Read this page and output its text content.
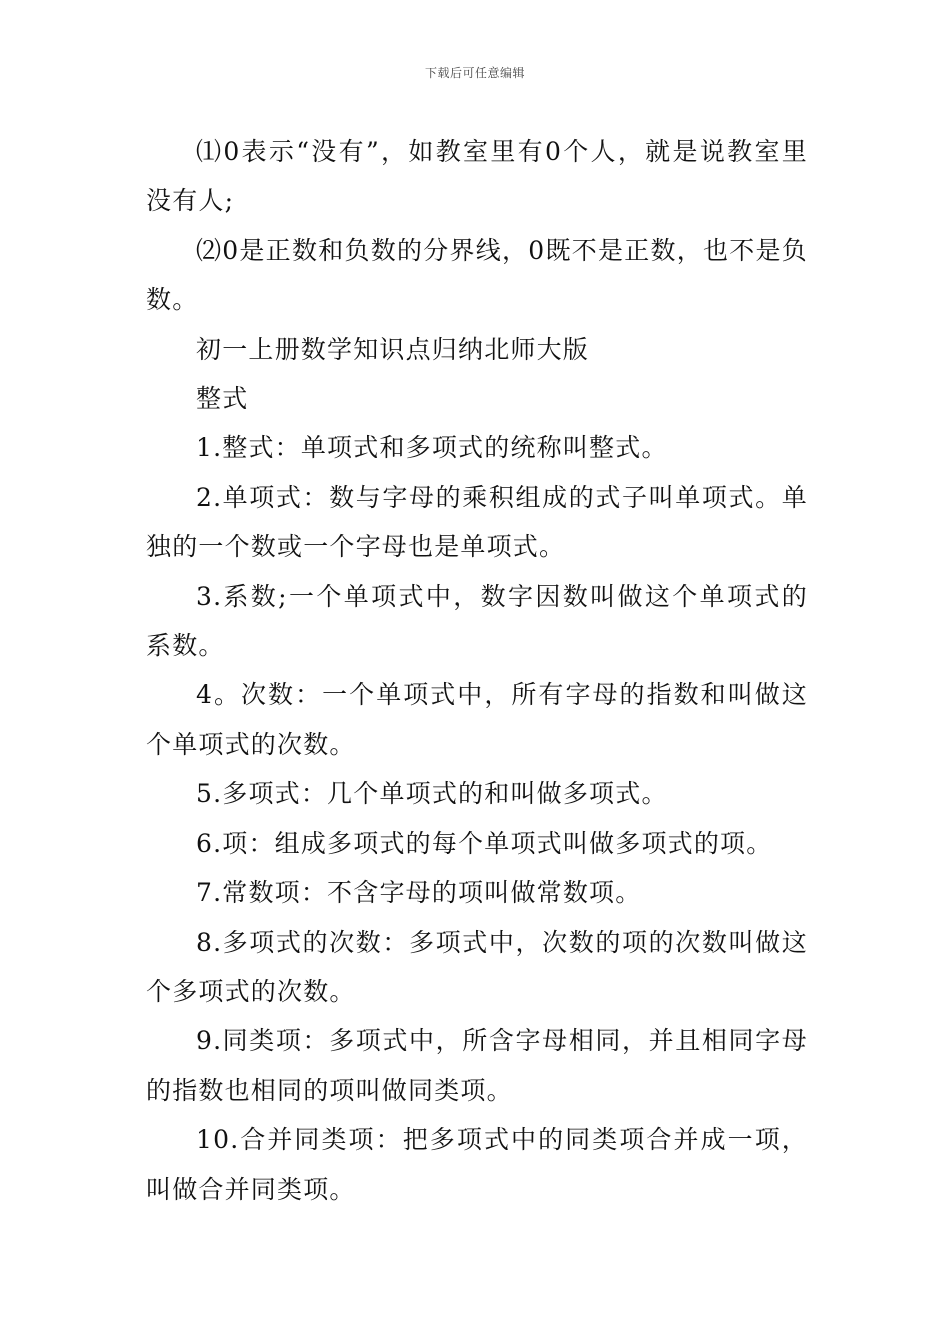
下载后可任意编辑

⑴0表示“没有”，如教室里有0个人，就是说教室里没有人;

⑵0是正数和负数的分界线，0既不是正数，也不是负数。

初一上册数学知识点归纳北师大版

整式

1.整式：单项式和多项式的统称叫整式。

2.单项式：数与字母的乘积组成的式子叫单项式。单独的一个数或一个字母也是单项式。

3.系数;一个单项式中，数字因数叫做这个单项式的系数。

4。次数：一个单项式中，所有字母的指数和叫做这个单项式的次数。

5.多项式：几个单项式的和叫做多项式。

6.项：组成多项式的每个单项式叫做多项式的项。

7.常数项：不含字母的项叫做常数项。

8.多项式的次数：多项式中，次数的项的次数叫做这个多项式的次数。

9.同类项：多项式中，所含字母相同，并且相同字母的指数也相同的项叫做同类项。

10.合并同类项：把多项式中的同类项合并成一项，叫做合并同类项。
